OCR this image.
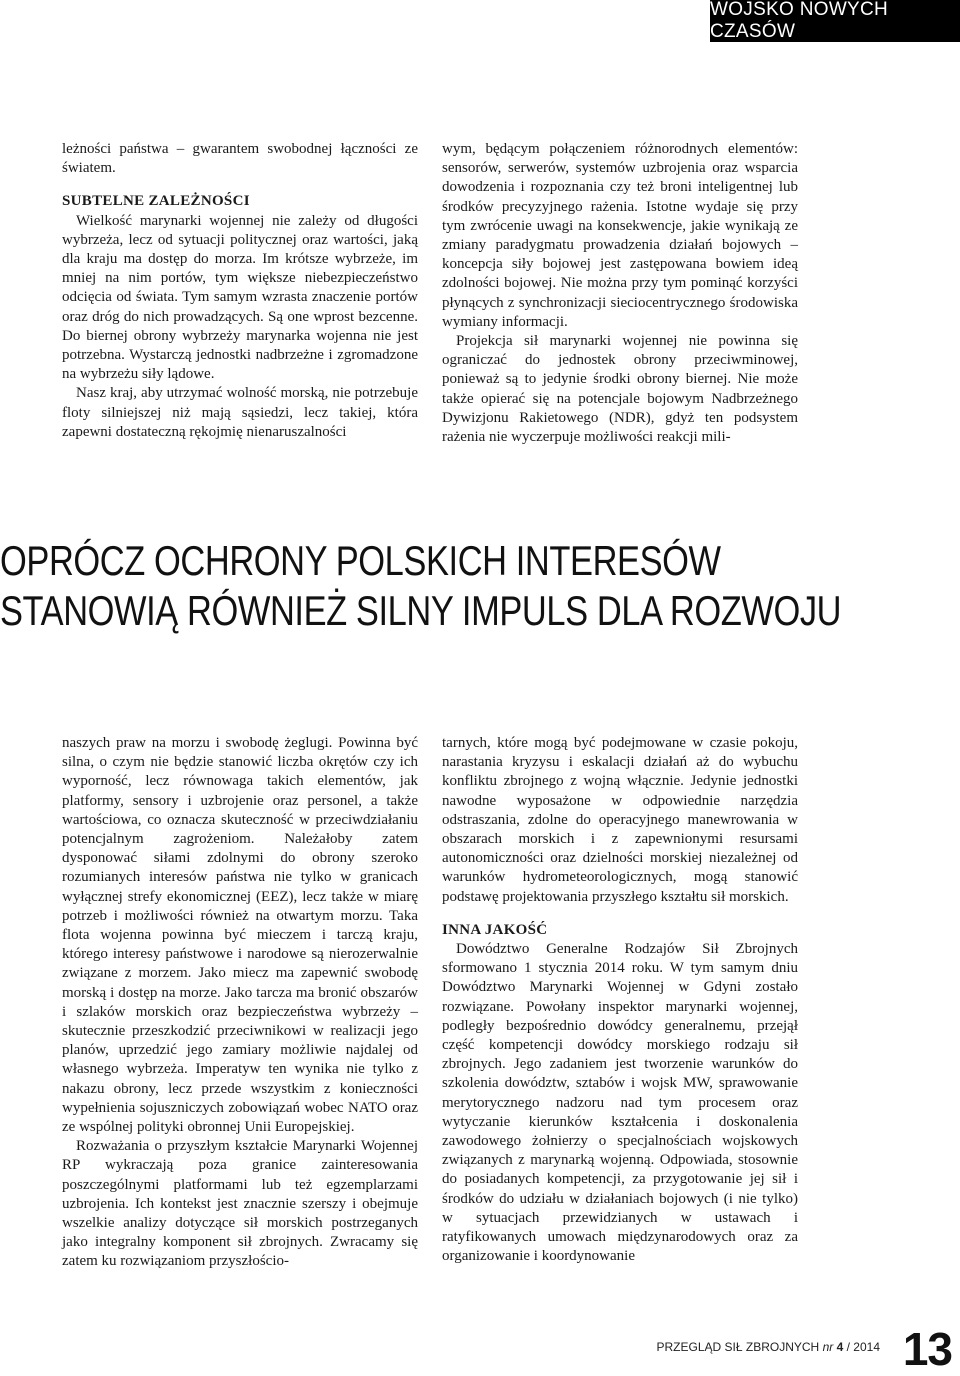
WOJSKO NOWYCH CZASÓW

leżności państwa – gwarantem swobodnej łączności ze światem.

SUBTELNE ZALEŻNOŚCI

Wielkość marynarki wojennej nie zależy od długości wybrzeża, lecz od sytuacji politycznej oraz wartości, jaką dla kraju ma dostęp do morza. Im krótsze wybrzeże, im mniej na nim portów, tym większe niebezpieczeństwo odcięcia od świata. Tym samym wzrasta znaczenie portów oraz dróg do nich prowadzących. Są one wprost bezcenne. Do biernej obrony wybrzeży marynarka wojenna nie jest potrzebna. Wystarczą jednostki nadbrzeżne i zgromadzone na wybrzeżu siły lądowe.

Nasz kraj, aby utrzymać wolność morską, nie potrzebuje floty silniejszej niż mają sąsiedzi, lecz takiej, która zapewni dostateczną rękojmię nienaruszalności

wym, będącym połączeniem różnorodnych elementów: sensorów, serwerów, systemów uzbrojenia oraz wsparcia dowodzenia i rozpoznania czy też broni inteligentnej lub środków precyzyjnego rażenia. Istotne wydaje się przy tym zwrócenie uwagi na konsekwencje, jakie wynikają ze zmiany paradygmatu prowadzenia działań bojowych – koncepcja siły bojowej jest zastępowana bowiem ideą zdolności bojowej. Nie można przy tym pominąć korzyści płynących z synchronizacji sieciocentrycznego środowiska wymiany informacji.

Projekcja sił marynarki wojennej nie powinna się ograniczać do jednostek obrony przeciwminowej, ponieważ są to jedynie środki obrony biernej. Nie może także opierać się na potencjale bojowym Nadbrzeżnego Dywizjonu Rakietowego (NDR), gdyż ten podsystem rażenia nie wyczerpuje możliwości reakcji mili-

OPRÓCZ OCHRONY POLSKICH INTERESÓW
STANOWIĄ RÓWNIEŻ SILNY IMPULS DLA ROZWOJU

naszych praw na morzu i swobodę żeglugi. Powinna być silna, o czym nie będzie stanowić liczba okrętów czy ich wyporność, lecz równowaga takich elementów, jak platformy, sensory i uzbrojenie oraz personel, a także wartościowa, co oznacza skuteczność w przeciwdziałaniu potencjalnym zagrożeniom. Należałoby zatem dysponować siłami zdolnymi do obrony szeroko rozumianych interesów państwa nie tylko w granicach wyłącznej strefy ekonomicznej (EEZ), lecz także w miarę potrzeb i możliwości również na otwartym morzu. Taka flota wojenna powinna być mieczem i tarczą kraju, którego interesy państwowe i narodowe są nierozerwalnie związane z morzem. Jako miecz ma zapewnić swobodę morską i dostęp na morze. Jako tarcza ma bronić obszarów i szlaków morskich oraz bezpieczeństwa wybrzeży – skutecznie przeszkodzić przeciwnikowi w realizacji jego planów, uprzedzić jego zamiary możliwie najdalej od własnego wybrzeża. Imperatyw ten wynika nie tylko z nakazu obrony, lecz przede wszystkim z konieczności wypełnienia sojuszniczych zobowiązań wobec NATO oraz ze wspólnej polityki obronnej Unii Europejskiej.

Rozważania o przyszłym kształcie Marynarki Wojennej RP wykraczają poza granice zainteresowania poszczególnymi platformami lub też egzemplarzami uzbrojenia. Ich kontekst jest znacznie szerszy i obejmuje wszelkie analizy dotyczące sił morskich postrzeganych jako integralny komponent sił zbrojnych. Zwracamy się zatem ku rozwiązaniom przyszłościo-

tarnych, które mogą być podejmowane w czasie pokoju, narastania kryzysu i eskalacji działań aż do wybuchu konfliktu zbrojnego z wojną włącznie. Jedynie jednostki nawodne wyposażone w odpowiednie narzędzia odstraszania, zdolne do operacyjnego manewrowania w obszarach morskich i z zapewnionymi resursami autonomiczności oraz dzielności morskiej niezależnej od warunków hydrometeorologicznych, mogą stanowić podstawę projektowania przyszłego kształtu sił morskich.

INNA JAKOŚĆ

Dowództwo Generalne Rodzajów Sił Zbrojnych sformowano 1 stycznia 2014 roku. W tym samym dniu Dowództwo Marynarki Wojennej w Gdyni zostało rozwiązane. Powołany inspektor marynarki wojennej, podległy bezpośrednio dowódcy generalnemu, przejął część kompetencji dowódcy morskiego rodzaju sił zbrojnych. Jego zadaniem jest tworzenie warunków do szkolenia dowództw, sztabów i wojsk MW, sprawowanie merytorycznego nadzoru nad tym procesem oraz wytyczanie kierunków kształcenia i doskonalenia zawodowego żołnierzy o specjalnościach wojskowych związanych z marynarką wojenną. Odpowiada, stosownie do posiadanych kompetencji, za przygotowanie jej sił i środków do udziału w działaniach bojowych (i nie tylko) w sytuacjach przewidzianych w ustawach i ratyfikowanych umowach międzynarodowych oraz za organizowanie i koordynowanie

PRZEGLĄD SIŁ ZBROJNYCH nr 4 / 2014 13
